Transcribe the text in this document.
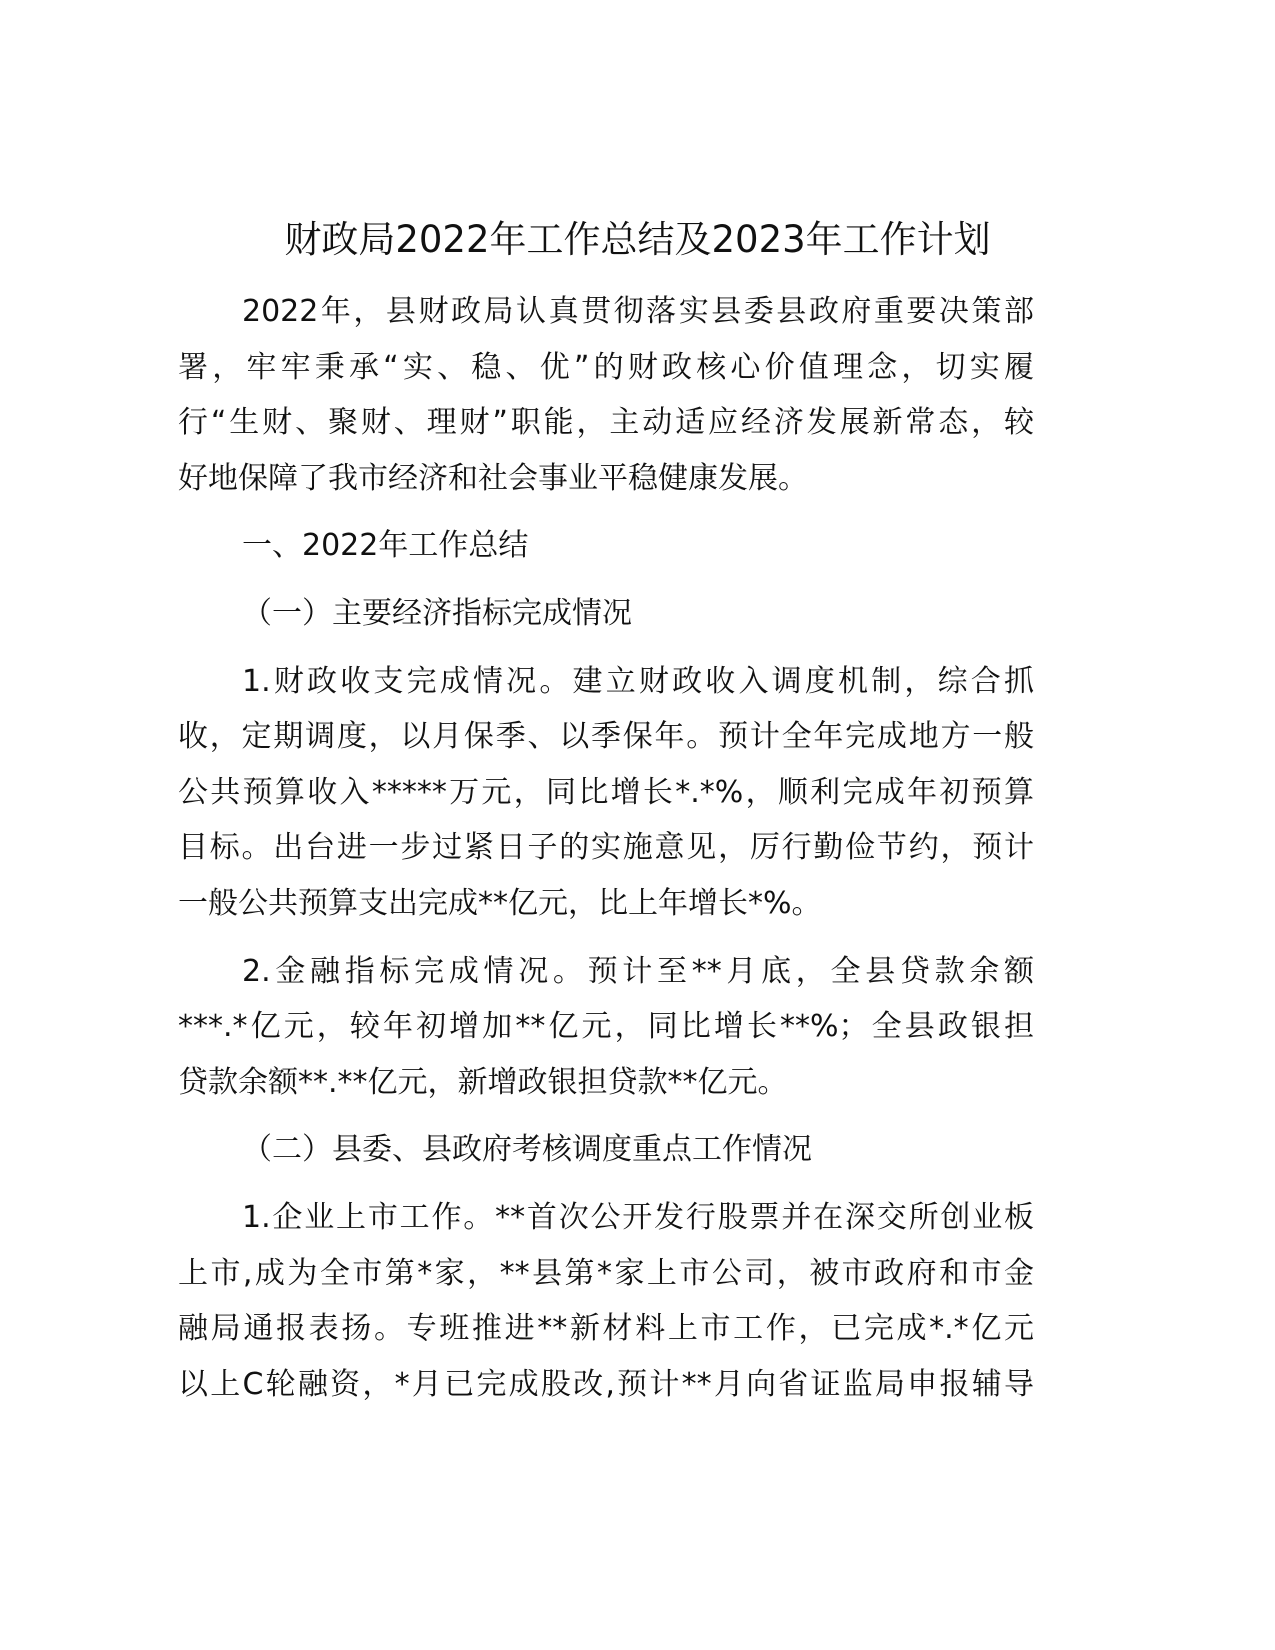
财政局2022年工作总结及2023年工作计划
2022年，县财政局认真贯彻落实县委县政府重要决策部
署，牢牢秉承“实、稳、优”的财政核心价值理念，切实履
行“生财、聚财、理财”职能，主动适应经济发展新常态，较
好地保障了我市经济和社会事业平稳健康发展。
一、2022年工作总结
（一）主要经济指标完成情况
1.财政收支完成情况。建立财政收入调度机制，综合抓
收，定期调度，以月保季、以季保年。预计全年完成地方一般
公共预算收入*****万元，同比增长*.*%，顺利完成年初预算
目标。出台进一步过紧日子的实施意见，厉行勤俭节约，预计
一般公共预算支出完成**亿元，比上年增长*%。
2.金融指标完成情况。预计至**月底，全县贷款余额
***.*亿元，较年初增加**亿元，同比增长**%；全县政银担
贷款余额**.**亿元，新增政银担贷款**亿元。
（二）县委、县政府考核调度重点工作情况
1.企业上市工作。**首次公开发行股票并在深交所创业板
上市,成为全市第*家，**县第*家上市公司，被市政府和市金
融局通报表扬。专班推进**新材料上市工作，已完成*.*亿元
以上C轮融资，*月已完成股改,预计**月向省证监局申报辅导
